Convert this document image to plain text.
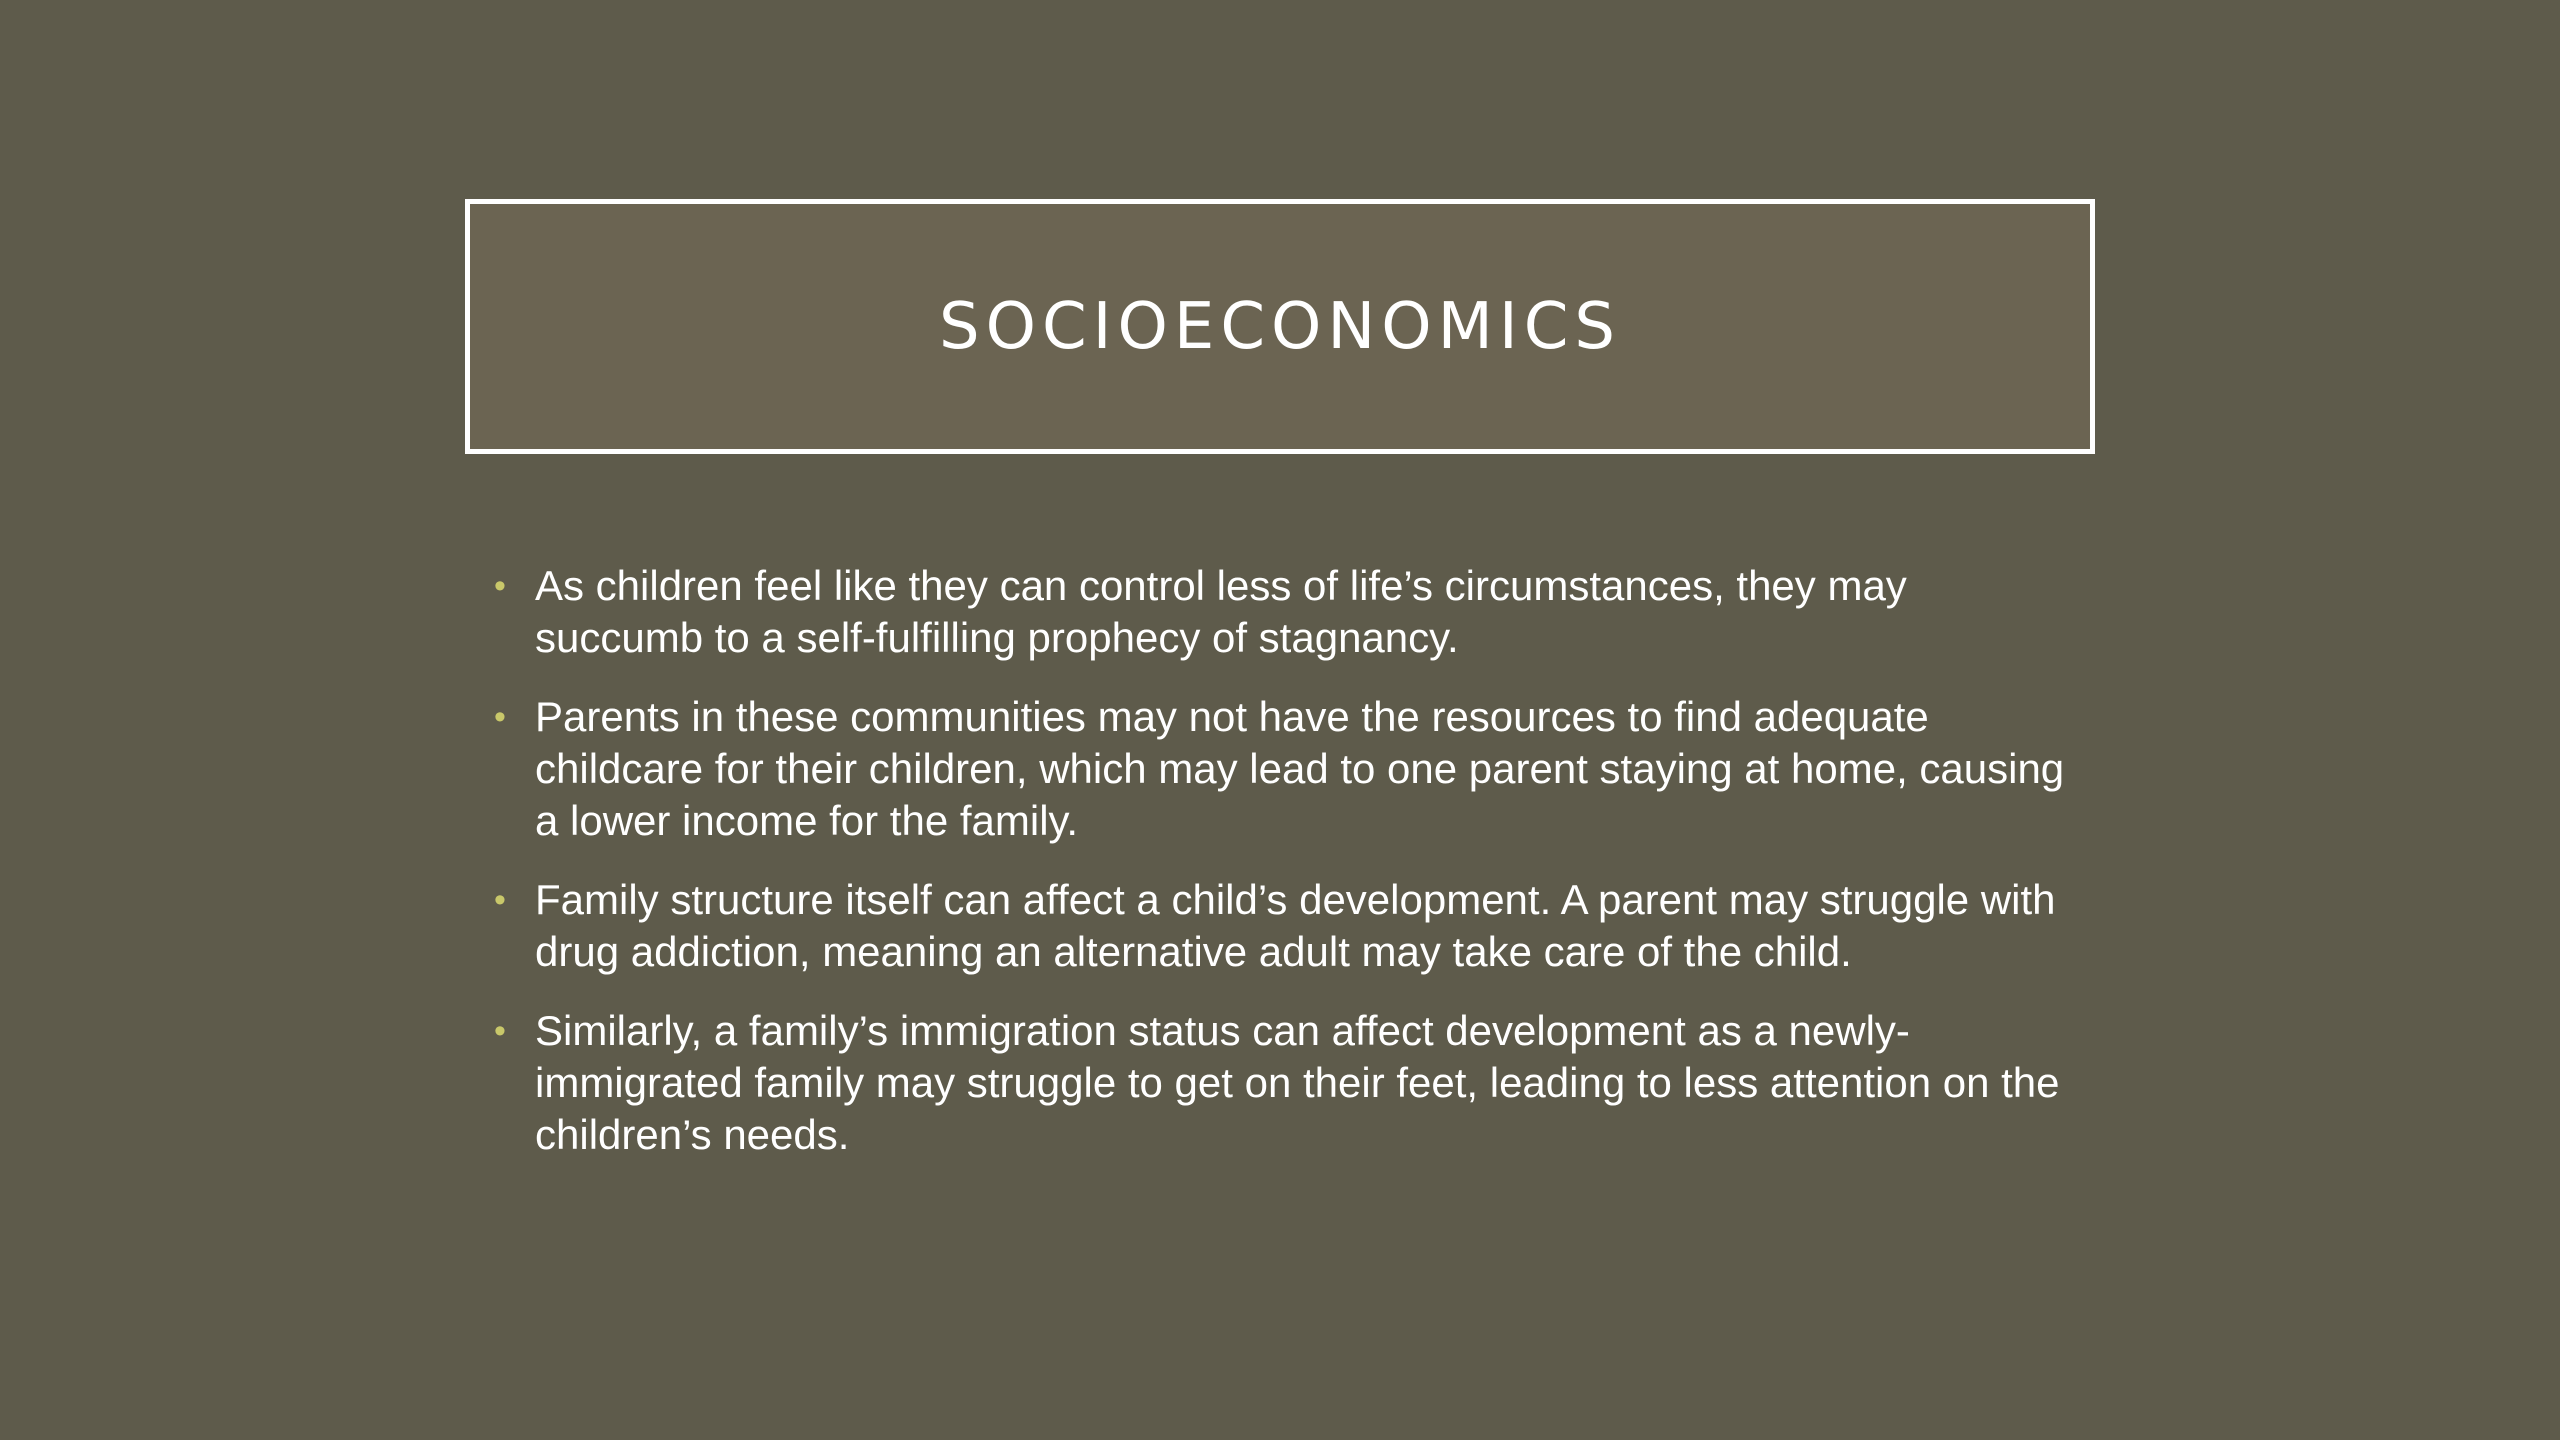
SOCIOECONOMICS
• As children feel like they can control less of life’s circumstances, they may succumb to a self-fulfilling prophecy of stagnancy.
• Parents in these communities may not have the resources to find adequate childcare for their children, which may lead to one parent staying at home, causing a lower income for the family.
• Family structure itself can affect a child’s development. A parent may struggle with drug addiction, meaning an alternative adult may take care of the child.
• Similarly, a family’s immigration status can affect development as a newly-immigrated family may struggle to get on their feet, leading to less attention on the children’s needs.
